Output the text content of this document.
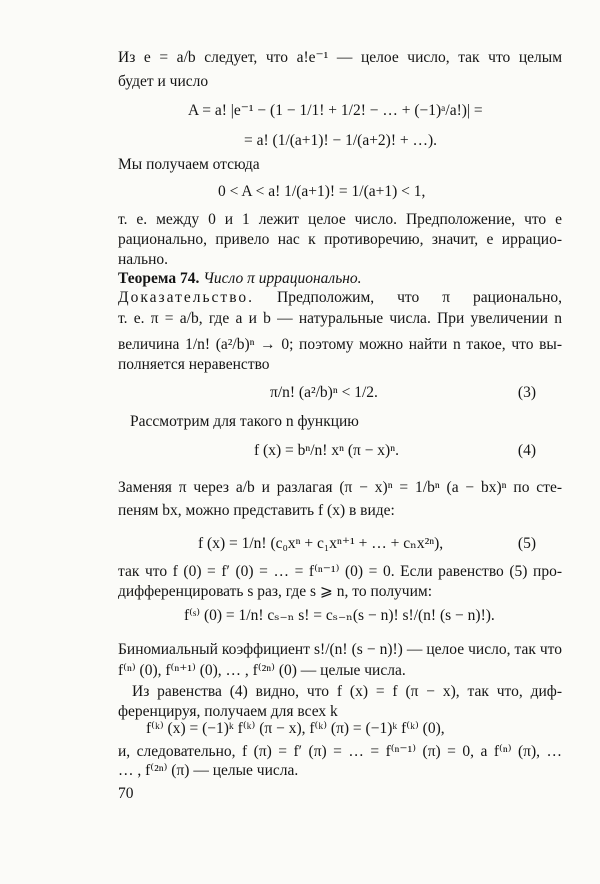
Из e = a/b следует, что a!e⁻¹ — целое число, так что целым
будет и число
A = a! |e⁻¹ − (1 − 1/1! + 1/2! − … + (−1)ᵃ/a!)| =
= a! (1/(a+1)! − 1/(a+2)! + …).
Мы получаем отсюда
0 < A < a! 1/(a+1)! = 1/(a+1) < 1,
т. е. между 0 и 1 лежит целое число. Предположение, что e
рационально, привело нас к противоречию, значит, e иррацио-
нально.
Теорема 74. Число π иррационально.
Доказательство. Предположим, что π рационально,
т. е. π = a/b, где a и b — натуральные числа. При увеличении n
величина 1/n! (a²/b)ⁿ → 0; поэтому можно найти n такое, что вы-
полняется неравенство
π/n! (a²/b)ⁿ < 1/2.	(3)
Рассмотрим для такого n функцию
f (x) = bⁿ/n! xⁿ (π − x)ⁿ.	(4)
Заменяя π через a/b и разлагая (π − x)ⁿ = 1/bⁿ (a − bx)ⁿ по сте-
пеням bx, можно представить f (x) в виде:
f (x) = 1/n! (c₀xⁿ + c₁xⁿ⁺¹ + … + cₙx²ⁿ),	(5)
так что f (0) = f′ (0) = … = f⁽ⁿ⁻¹⁾ (0) = 0. Если равенство (5) про-
дифференцировать s раз, где s ⩾ n, то получим:
f⁽ˢ⁾ (0) = 1/n! cₛ₋ₙ s! = cₛ₋ₙ(s − n)! s!/(n! (s − n)!).
Биномиальный коэффициент s!/(n! (s − n)!) — целое число, так что
f⁽ⁿ⁾ (0), f⁽ⁿ⁺¹⁾ (0), … , f⁽²ⁿ⁾ (0) — целые числа.
Из равенства (4) видно, что f (x) = f (π − x), так что, диф-
ференцируя, получаем для всех k
f⁽ᵏ⁾ (x) = (−1)ᵏ f⁽ᵏ⁾ (π − x), f⁽ᵏ⁾ (π) = (−1)ᵏ f⁽ᵏ⁾ (0),
и, следовательно, f (π) = f′ (π) = … = f⁽ⁿ⁻¹⁾ (π) = 0, а f⁽ⁿ⁾ (π), …
… , f⁽²ⁿ⁾ (π) — целые числа.
70
